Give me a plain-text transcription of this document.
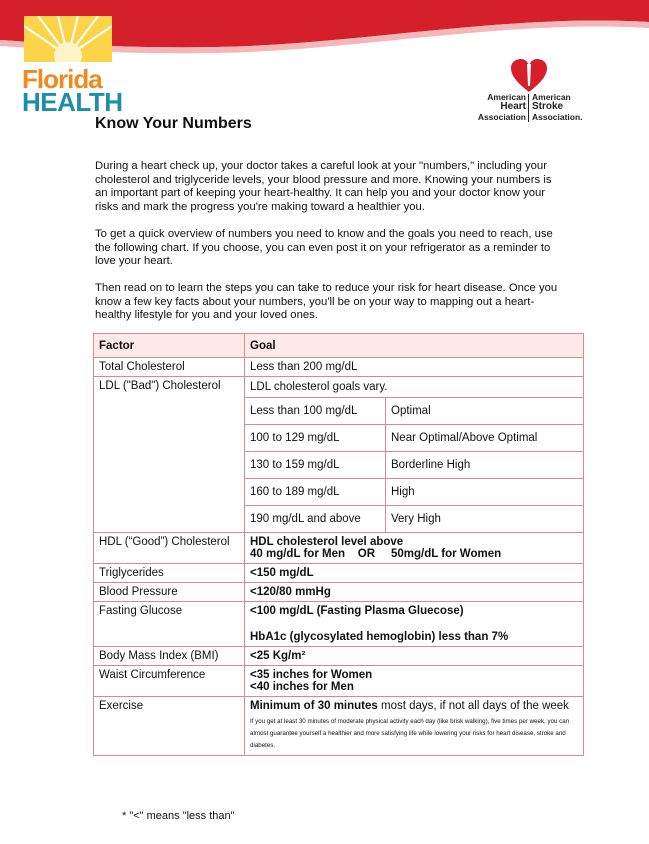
Florida
HEALTH	American
Heart
Association
American
Stroke
Association.
Know Your Numbers

During a heart check up, your doctor takes a careful look at your "numbers," including your cholesterol and triglyceride levels, your blood pressure and more. Knowing your numbers is an important part of keeping your heart-healthy. It can help you and your doctor know your risks and mark the progress you're making toward a healthier you.

To get a quick overview of numbers you need to know and the goals you need to reach, use the following chart. If you choose, you can even post it on your refrigerator as a reminder to love your heart.

Then read on to learn the steps you can take to reduce your risk for heart disease. Once you know a few key facts about your numbers, you'll be on your way to mapping out a heart-healthy lifestyle for you and your loved ones.

Factor	Goal
Total Cholesterol	Less than 200 mg/dL
LDL ("Bad") Cholesterol	LDL cholesterol goals vary.
Less than 100 mg/dL	Optimal
100 to 129 mg/dL	Near Optimal/Above Optimal
130 to 159 mg/dL	Borderline High
160 to 189 mg/dL	High
190 mg/dL and above	Very High

HDL (“Good”) Cholesterol	HDL cholesterol level above
40 mg/dL for Men    OR     50mg/dL for Women

Triglycerides	<150 mg/dL
Blood Pressure	<120/80 mmHg
Fasting Glucose	<100 mg/dL (Fasting Plasma Gluecose)
HbA1c (glycosylated hemoglobin) less than 7%

Body Mass Index (BMI)	<25 Kg/m²
Waist Circumference	<35 inches for Women
<40 inches for Men

Exercise	Minimum of 30 minutes most days, if not all days of the week
If you get at least 30 minutes of moderate physical activity each day (like brisk walking), five times per week, you can almost guarantee yourself a healthier and more satisfying life while lowering your risks for heart disease, stroke and diabetes.
* "<" means "less than"
